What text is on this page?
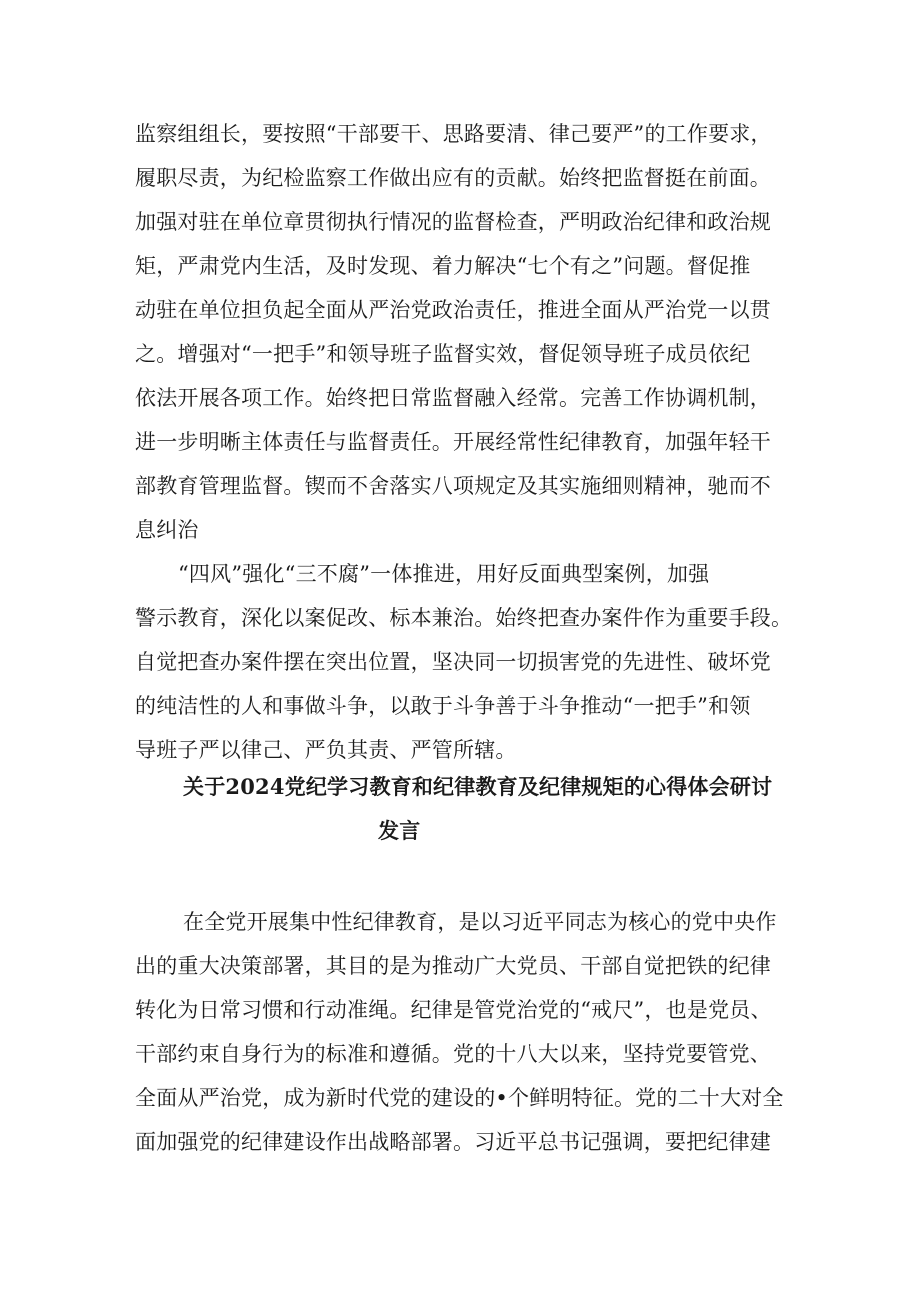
监察组组长，要按照“干部要干、思路要清、律己要严”的工作要求，
履职尽责，为纪检监察工作做出应有的贡献。始终把监督挺在前面。
加强对驻在单位章贯彻执行情况的监督检查，严明政治纪律和政治规
矩，严肃党内生活，及时发现、着力解决“七个有之”问题。督促推
动驻在单位担负起全面从严治党政治责任，推进全面从严治党一以贯
之。增强对“一把手”和领导班子监督实效，督促领导班子成员依纪
依法开展各项工作。始终把日常监督融入经常。完善工作协调机制，
进一步明晰主体责任与监督责任。开展经常性纪律教育，加强年轻干
部教育管理监督。锲而不舍落实八项规定及其实施细则精神，驰而不
息纠治
“四风”强化“三不腐”一体推进，用好反面典型案例，加强
警示教育，深化以案促改、标本兼治。始终把查办案件作为重要手段。
自觉把查办案件摆在突出位置，坚决同一切损害党的先进性、破坏党
的纯洁性的人和事做斗争，以敢于斗争善于斗争推动“一把手”和领
导班子严以律己、严负其责、严管所辖。
关于2024党纪学习教育和纪律教育及纪律规矩的心得体会研讨
发言
在全党开展集中性纪律教育，是以习近平同志为核心的党中央作
出的重大决策部署，其目的是为推动广大党员、干部自觉把铁的纪律
转化为日常习惯和行动准绳。纪律是管党治党的“戒尺”，也是党员、
干部约束自身行为的标准和遵循。党的十八大以来，坚持党要管党、
全面从严治党，成为新时代党的建设的•个鲜明特征。党的二十大对全
面加强党的纪律建设作出战略部署。习近平总书记强调，要把纪律建
